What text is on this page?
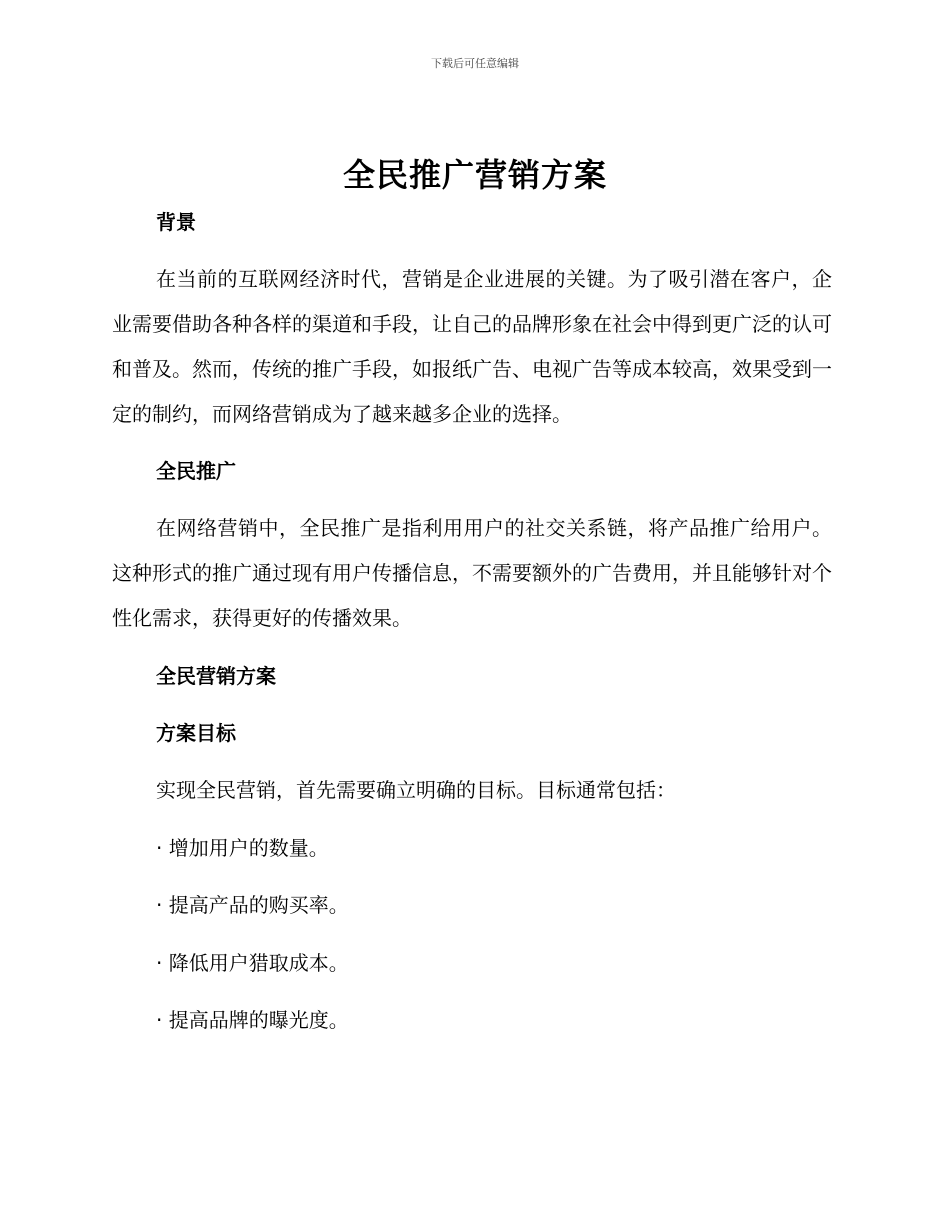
下载后可任意编辑
全民推广营销方案
背景
在当前的互联网经济时代，营销是企业进展的关键。为了吸引潜在客户，企业需要借助各种各样的渠道和手段，让自己的品牌形象在社会中得到更广泛的认可和普及。然而，传统的推广手段，如报纸广告、电视广告等成本较高，效果受到一定的制约，而网络营销成为了越来越多企业的选择。
全民推广
在网络营销中，全民推广是指利用用户的社交关系链，将产品推广给用户。这种形式的推广通过现有用户传播信息，不需要额外的广告费用，并且能够针对个性化需求，获得更好的传播效果。
全民营销方案
方案目标
实现全民营销，首先需要确立明确的目标。目标通常包括：
· 增加用户的数量。
· 提高产品的购买率。
· 降低用户猎取成本。
· 提高品牌的曝光度。
